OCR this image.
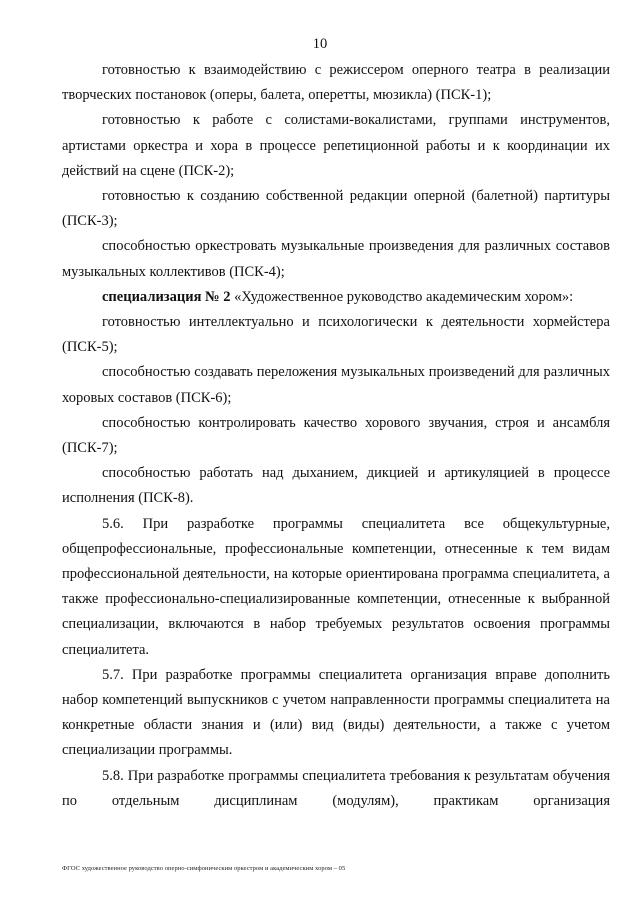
10

готовностью к взаимодействию с режиссером оперного театра в реализации творческих постановок (оперы, балета, оперетты, мюзикла) (ПСК-1);

готовностью к работе с солистами-вокалистами, группами инструментов, артистами оркестра и хора в процессе репетиционной работы и к координации их действий на сцене (ПСК-2);

готовностью к созданию собственной редакции оперной (балетной) партитуры (ПСК-3);

способностью оркестровать музыкальные произведения для различных составов музыкальных коллективов (ПСК-4);

специализация № 2 «Художественное руководство академическим хором»:

готовностью интеллектуально и психологически к деятельности хормейстера (ПСК-5);

способностью создавать переложения музыкальных произведений для различных хоровых составов (ПСК-6);

способностью контролировать качество хорового звучания, строя и ансамбля (ПСК-7);

способностью работать над дыханием, дикцией и артикуляцией в процессе исполнения (ПСК-8).

5.6. При разработке программы специалитета все общекультурные, общепрофессиональные, профессиональные компетенции, отнесенные к тем видам профессиональной деятельности, на которые ориентирована программа специалитета, а также профессионально-специализированные компетенции, отнесенные к выбранной специализации, включаются в набор требуемых результатов освоения программы специалитета.

5.7. При разработке программы специалитета организация вправе дополнить набор компетенций выпускников с учетом направленности программы специалитета на конкретные области знания и (или) вид (виды) деятельности, а также с учетом специализации программы.

5.8. При разработке программы специалитета требования к результатам обучения по отдельным дисциплинам (модулям), практикам организация

ФГОС художественное руководство оперно-симфоническим оркестром и академическим хором – 05
